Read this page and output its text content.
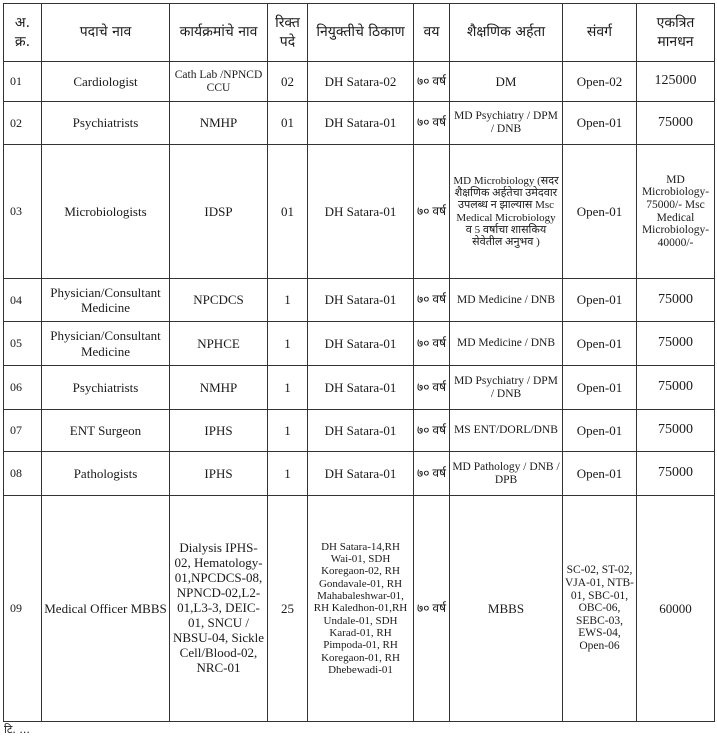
अ. क्र.	पदाचे नाव	कार्यक्रमांचे नाव	रिक्त पदे	नियुक्तीचे ठिकाण	वय	शैक्षणिक अर्हता	संवर्ग	एकत्रित मानधन
01	Cardiologist	Cath Lab /NPNCD CCU	02	DH Satara-02	७० वर्ष	DM	Open-02	125000
02	Psychiatrists	NMHP	01	DH Satara-01	७० वर्ष	MD Psychiatry / DPM / DNB	Open-01	75000
03	Microbiologists	IDSP	01	DH Satara-01	७० वर्ष	MD Microbiology (सदर शैक्षणिक अर्हतेचा उमेदवार उपलब्ध न झाल्यास Msc Medical Microbiology व 5 वर्षाचा शासकिय सेवेतील अनुभव )	Open-01	MD Microbiology- 75000/- Msc Medical Microbiology- 40000/-
04	Physician/Consultant Medicine	NPCDCS	1	DH Satara-01	७० वर्ष	MD Medicine / DNB	Open-01	75000
05	Physician/Consultant Medicine	NPHCE	1	DH Satara-01	७० वर्ष	MD Medicine / DNB	Open-01	75000
06	Psychiatrists	NMHP	1	DH Satara-01	७० वर्ष	MD Psychiatry / DPM / DNB	Open-01	75000
07	ENT Surgeon	IPHS	1	DH Satara-01	७० वर्ष	MS ENT/DORL/DNB	Open-01	75000
08	Pathologists	IPHS	1	DH Satara-01	७० वर्ष	MD Pathology / DNB / DPB	Open-01	75000
09	Medical Officer MBBS	Dialysis IPHS-02, Hematology-01,NPCDCS-08, NPNCD-02,L2-01,L3-3, DEIC-01, SNCU / NBSU-04, Sickle Cell/Blood-02, NRC-01	25	DH Satara-14,RH Wai-01, SDH Koregaon-02, RH Gondavale-01, RH Mahabaleshwar-01, RH Kaledhon-01,RH Undale-01, SDH Karad-01, RH Pimpoda-01, RH Koregaon-01, RH Dhebewadi-01	७० वर्ष	MBBS	SC-02, ST-02, VJA-01, NTB-01, SBC-01, OBC-06, SEBC-03, EWS-04, Open-06	60000
टि. ...
